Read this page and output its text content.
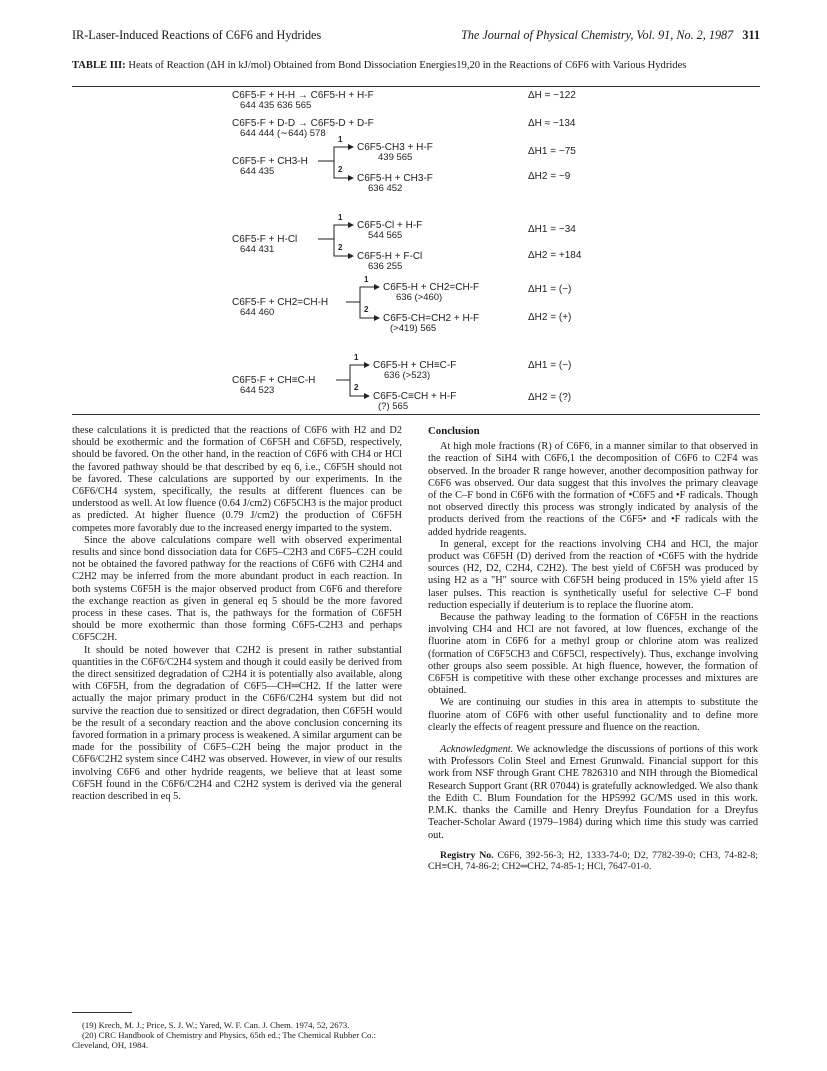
IR-Laser-Induced Reactions of C6F6 and Hydrides	The Journal of Physical Chemistry, Vol. 91, No. 2, 1987 311
TABLE III: Heats of Reaction (ΔH in kJ/mol) Obtained from Bond Dissociation Energies19,20 in the Reactions of C6F6 with Various Hydrides
C6F5-F + H-H → C6F5-H + H-F
644 435 636 565
ΔH = −122
C6F5-F + D-D → C6F5-D + D-F
644 444 (∼644) 578
ΔH ≈ −134
1
2
C6F5-F + CH3-H
644 435
C6F5-CH3 + H-F
439 565
C6F5-H + CH3-F
636 452
ΔH1 = −75
ΔH2 = −9
1
2
C6F5-F + H-Cl
644 431
C6F5-Cl + H-F
544 565
C6F5-H + F-Cl
636 255
ΔH1 = −34
ΔH2 = +184
1
2
C6F5-F + CH2=CH-H
644 460
C6F5-H + CH2=CH-F
636 (>460)
C6F5-CH=CH2 + H-F
(>419) 565
ΔH1 = (−)
ΔH2 = (+)
1
2
C6F5-F + CH≡C-H
644 523
C6F5-H + CH≡C-F
636 (>523)
C6F5-C≡CH + H-F
(?) 565
ΔH1 = (−)
ΔH2 = (?)

these calculations it is predicted that the reactions of C6F6 with H2 and D2 should be exothermic and the formation of C6F5H and C6F5D, respectively, should be favored. On the other hand, in the reaction of C6F6 with CH4 or HCl the favored pathway should be that described by eq 6, i.e., C6F5H should not be favored. These calculations are supported by our experiments. In the C6F6/CH4 system, specifically, the results at different fluences can be understood as well. At low fluence (0.64 J/cm2) C6F5CH3 is the major product as predicted. At higher fluence (0.79 J/cm2) the production of C6F5H competes more favorably due to the increased energy imparted to the system.

Since the above calculations compare well with observed experimental results and since bond dissociation data for C6F5–C2H3 and C6F5–C2H could not be obtained the favored pathway for the reactions of C6F6 with C2H4 and C2H2 may be inferred from the more abundant product in each reaction. In both systems C6F5H is the major observed product from C6F6 and therefore the exchange reaction as given in general eq 5 should be the more favored process in these cases. That is, the pathways for the formation of C6F5H should be more exothermic than those forming C6F5-C2H3 and perhaps C6F5C2H.

It should be noted however that C2H2 is present in rather substantial quantities in the C6F6/C2H4 system and though it could easily be derived from the direct sensitized degradation of C2H4 it is potentially also available, along with C6F5H, from the degradation of C6F5—CH═CH2. If the latter were actually the major primary product in the C6F6/C2H4 system but did not survive the reaction due to sensitized or direct degradation, then C6F5H would be the result of a secondary reaction and the above conclusion concerning its favored formation in a primary process is weakened. A similar argument can be made for the possibility of C6F5–C2H being the major product in the C6F6/C2H2 system since C4H2 was observed. However, in view of our results involving C6F6 and other hydride reagents, we believe that at least some C6F5H found in the C6F6/C2H4 and C2H2 system is derived via the general reaction described in eq 5.

(19) Krech, M. J.; Price, S. J. W.; Yared, W. F. Can. J. Chem. 1974, 52, 2673.

(20) CRC Handbook of Chemistry and Physics, 65th ed.; The Chemical Rubber Co.: Cleveland, OH, 1984.

Conclusion

At high mole fractions (R) of C6F6, in a manner similar to that observed in the reaction of SiH4 with C6F6,1 the decomposition of C6F6 to C2F4 was observed. In the broader R range however, another decomposition pathway for C6F6 was observed. Our data suggest that this involves the primary cleavage of the C–F bond in C6F6 with the formation of •C6F5 and •F radicals. Though not observed directly this process was strongly indicated by analysis of the products derived from the reactions of the C6F5• and •F radicals with the added hydride reagents.

In general, except for the reactions involving CH4 and HCl, the major product was C6F5H (D) derived from the reaction of •C6F5 with the hydride sources (H2, D2, C2H4, C2H2). The best yield of C6F5H was produced by using H2 as a "H" source with C6F5H being produced in 15% yield after 15 laser pulses. This reaction is synthetically useful for selective C–F bond reduction especially if deuterium is to replace the fluorine atom.

Because the pathway leading to the formation of C6F5H in the reactions involving CH4 and HCl are not favored, at low fluences, exchange of the fluorine atom in C6F6 for a methyl group or chlorine atom was realized (formation of C6F5CH3 and C6F5Cl, respectively). Thus, exchange involving other groups also seem possible. At high fluence, however, the formation of C6F5H is competitive with these other exchange processes and mixtures are obtained.

We are continuing our studies in this area in attempts to substitute the fluorine atom of C6F6 with other useful functionality and to define more clearly the effects of reagent pressure and fluence on the reaction.

Acknowledgment. We acknowledge the discussions of portions of this work with Professors Colin Steel and Ernest Grunwald. Financial support for this work from NSF through Grant CHE 7826310 and NIH through the Biomedical Research Support Grant (RR 07044) is gratefully acknowledged. We also thank the Edith C. Blum Foundation for the HP5992 GC/MS used in this work. P.M.K. thanks the Camille and Henry Dreyfus Foundation for a Dreyfus Teacher-Scholar Award (1979–1984) during which time this study was carried out.

Registry No. C6F6, 392-56-3; H2, 1333-74-0; D2, 7782-39-0; CH3, 74-82-8; CH≡CH, 74-86-2; CH2═CH2, 74-85-1; HCl, 7647-01-0.
